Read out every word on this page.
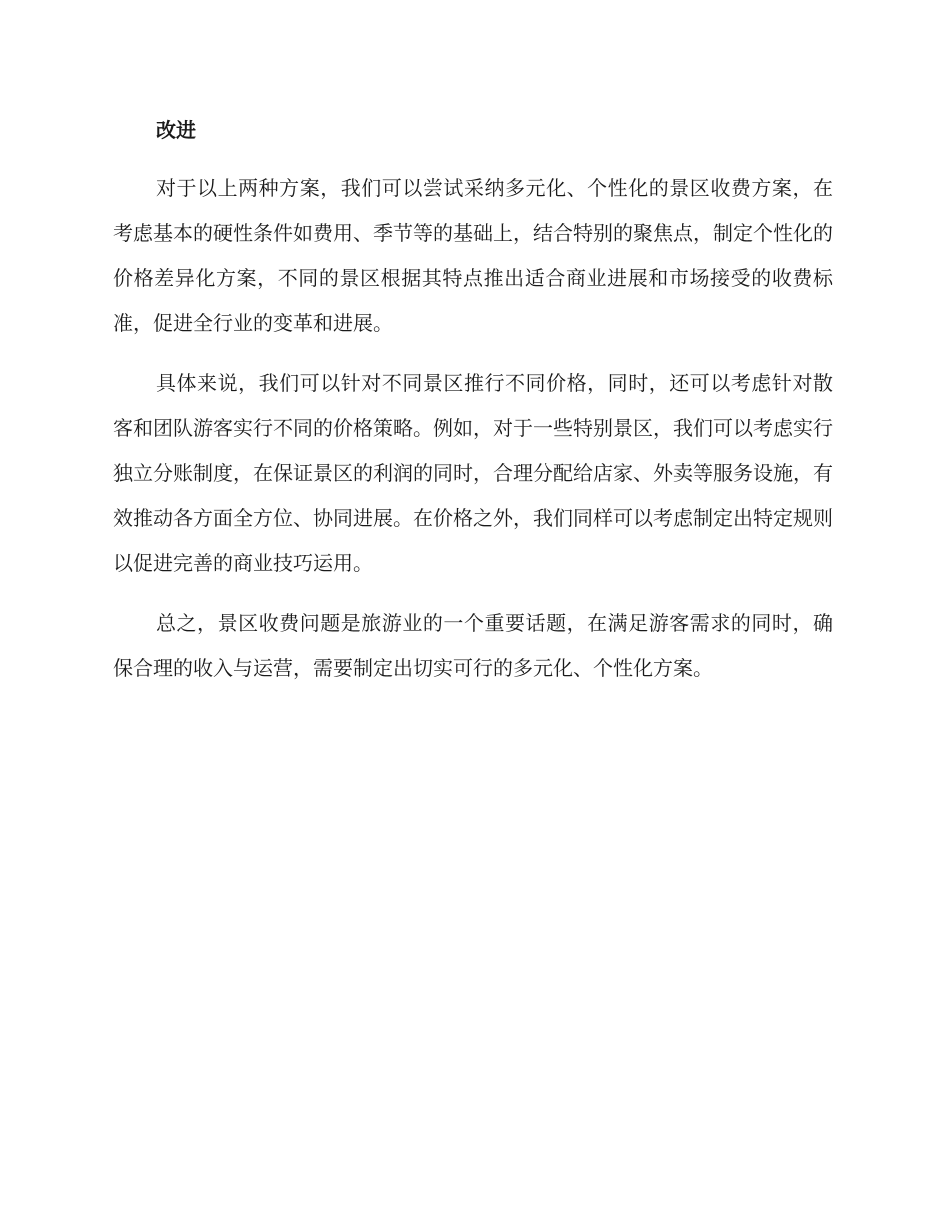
改进

对于以上两种方案，我们可以尝试采纳多元化、个性化的景区收费方案，在考虑基本的硬性条件如费用、季节等的基础上，结合特别的聚焦点，制定个性化的价格差异化方案，不同的景区根据其特点推出适合商业进展和市场接受的收费标准，促进全行业的变革和进展。

具体来说，我们可以针对不同景区推行不同价格，同时，还可以考虑针对散客和团队游客实行不同的价格策略。例如，对于一些特别景区，我们可以考虑实行独立分账制度，在保证景区的利润的同时，合理分配给店家、外卖等服务设施，有效推动各方面全方位、协同进展。在价格之外，我们同样可以考虑制定出特定规则以促进完善的商业技巧运用。

总之，景区收费问题是旅游业的一个重要话题，在满足游客需求的同时，确保合理的收入与运营，需要制定出切实可行的多元化、个性化方案。
